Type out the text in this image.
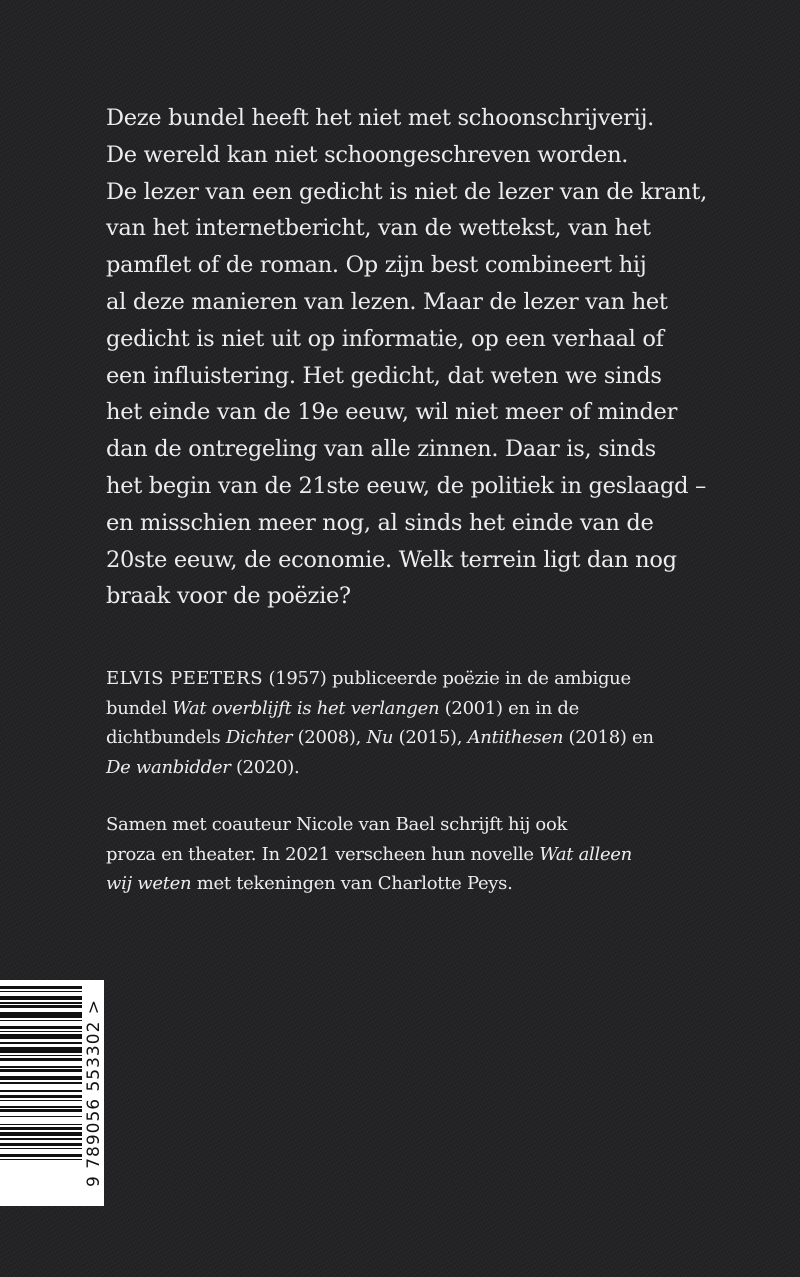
Deze bundel heeft het niet met schoonschrijverij.
De wereld kan niet schoongeschreven worden.
De lezer van een gedicht is niet de lezer van de krant,
van het internetbericht, van de wettekst, van het
pamflet of de roman. Op zijn best combineert hij
al deze manieren van lezen. Maar de lezer van het
gedicht is niet uit op informatie, op een verhaal of
een influistering. Het gedicht, dat weten we sinds
het einde van de 19e eeuw, wil niet meer of minder
dan de ontregeling van alle zinnen. Daar is, sinds
het begin van de 21ste eeuw, de politiek in geslaagd –
en misschien meer nog, al sinds het einde van de
20ste eeuw, de economie. Welk terrein ligt dan nog
braak voor de poëzie?
ELVIS PEETERS (1957) publiceerde poëzie in de ambigue
bundel Wat overblijft is het verlangen (2001) en in de
dichtbundels Dichter (2008), Nu (2015), Antithesen (2018) en
De wanbidder (2020).
Samen met coauteur Nicole van Bael schrijft hij ook
proza en theater. In 2021 verscheen hun novelle Wat alleen
wij weten met tekeningen van Charlotte Peys.
9 789056 553302 >
